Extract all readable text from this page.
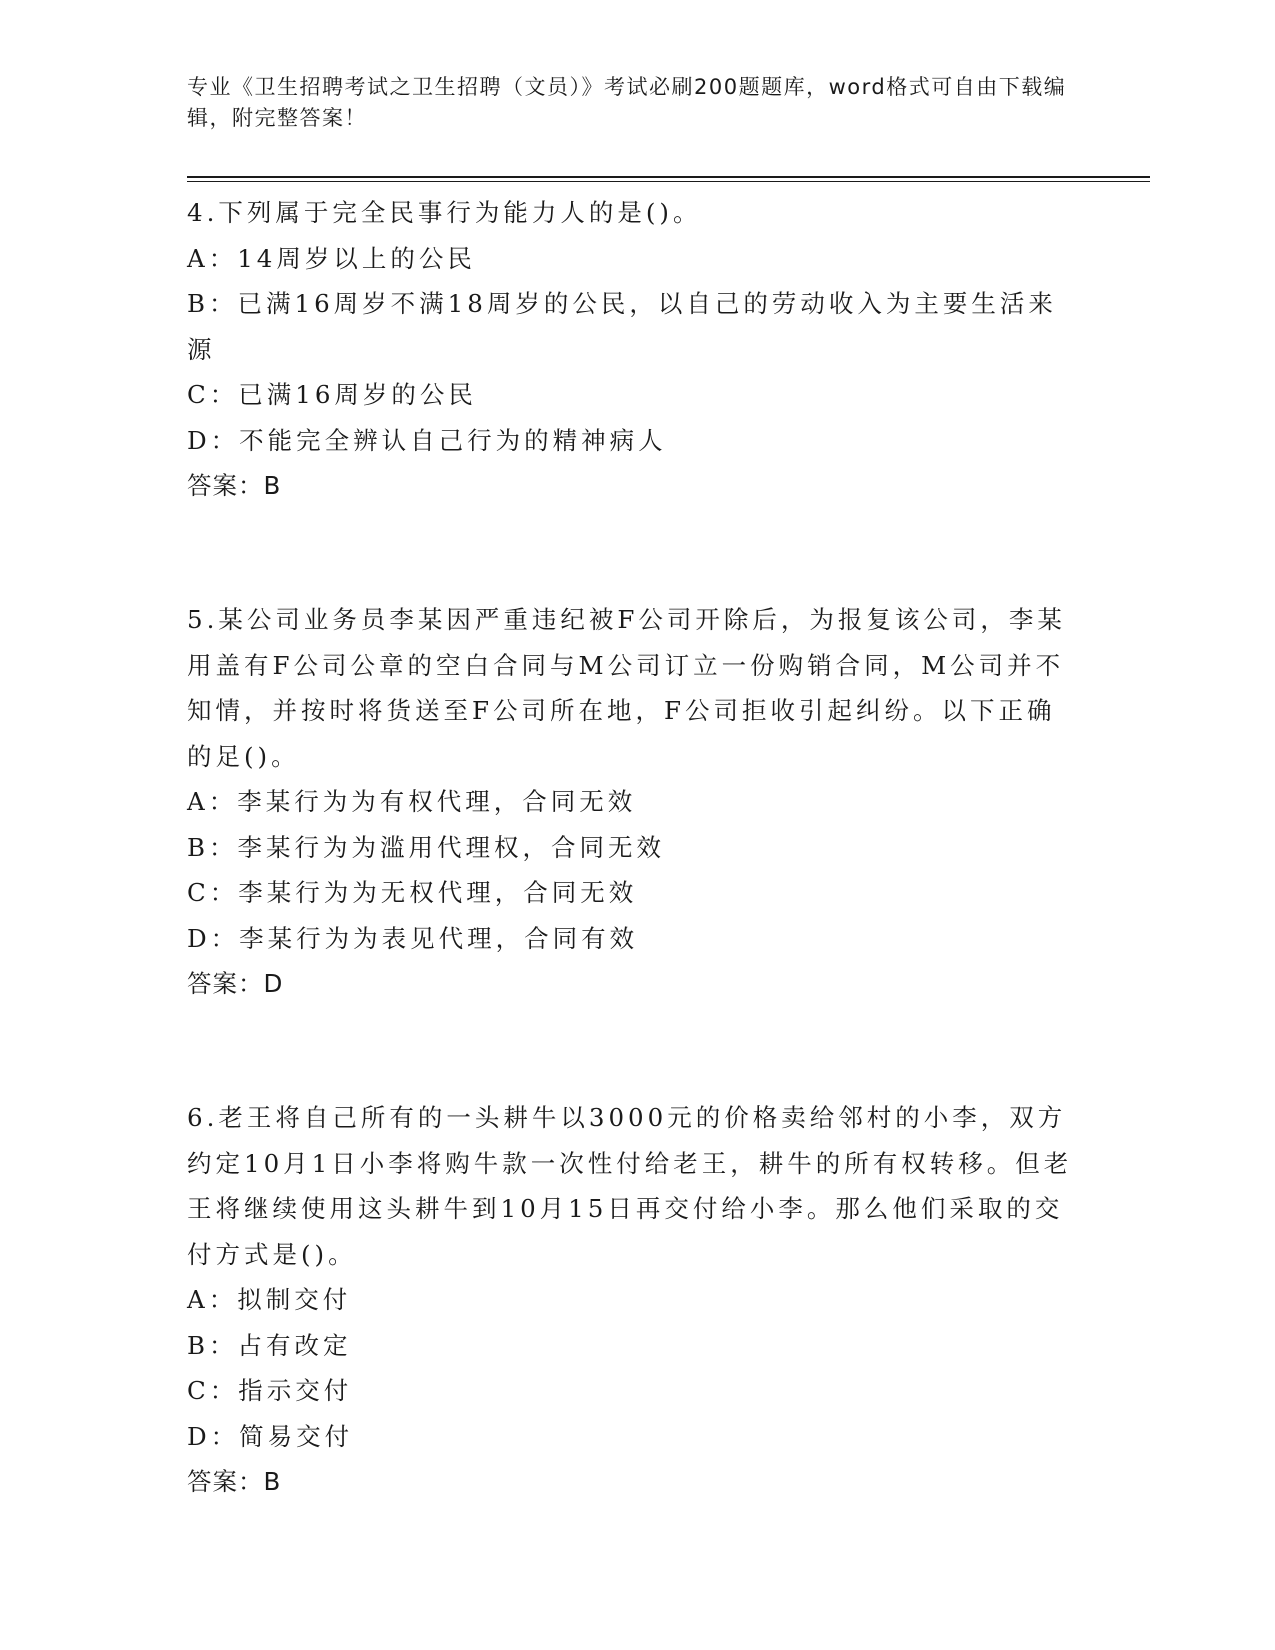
专业《卫生招聘考试之卫生招聘（文员）》考试必刷200题题库，word格式可自由下载编辑，附完整答案！
4.下列属于完全民事行为能力人的是()。
A：14周岁以上的公民
B：已满16周岁不满18周岁的公民，以自己的劳动收入为主要生活来源
C：已满16周岁的公民
D：不能完全辨认自己行为的精神病人
答案：B
5.某公司业务员李某因严重违纪被F公司开除后，为报复该公司，李某用盖有F公司公章的空白合同与M公司订立一份购销合同，M公司并不知情，并按时将货送至F公司所在地，F公司拒收引起纠纷。以下正确的足()。
A：李某行为为有权代理，合同无效
B：李某行为为滥用代理权，合同无效
C：李某行为为无权代理，合同无效
D：李某行为为表见代理，合同有效
答案：D
6.老王将自己所有的一头耕牛以3000元的价格卖给邻村的小李，双方约定10月1日小李将购牛款一次性付给老王，耕牛的所有权转移。但老王将继续使用这头耕牛到10月15日再交付给小李。那么他们采取的交付方式是()。
A：拟制交付
B：占有改定
C：指示交付
D：简易交付
答案：B
